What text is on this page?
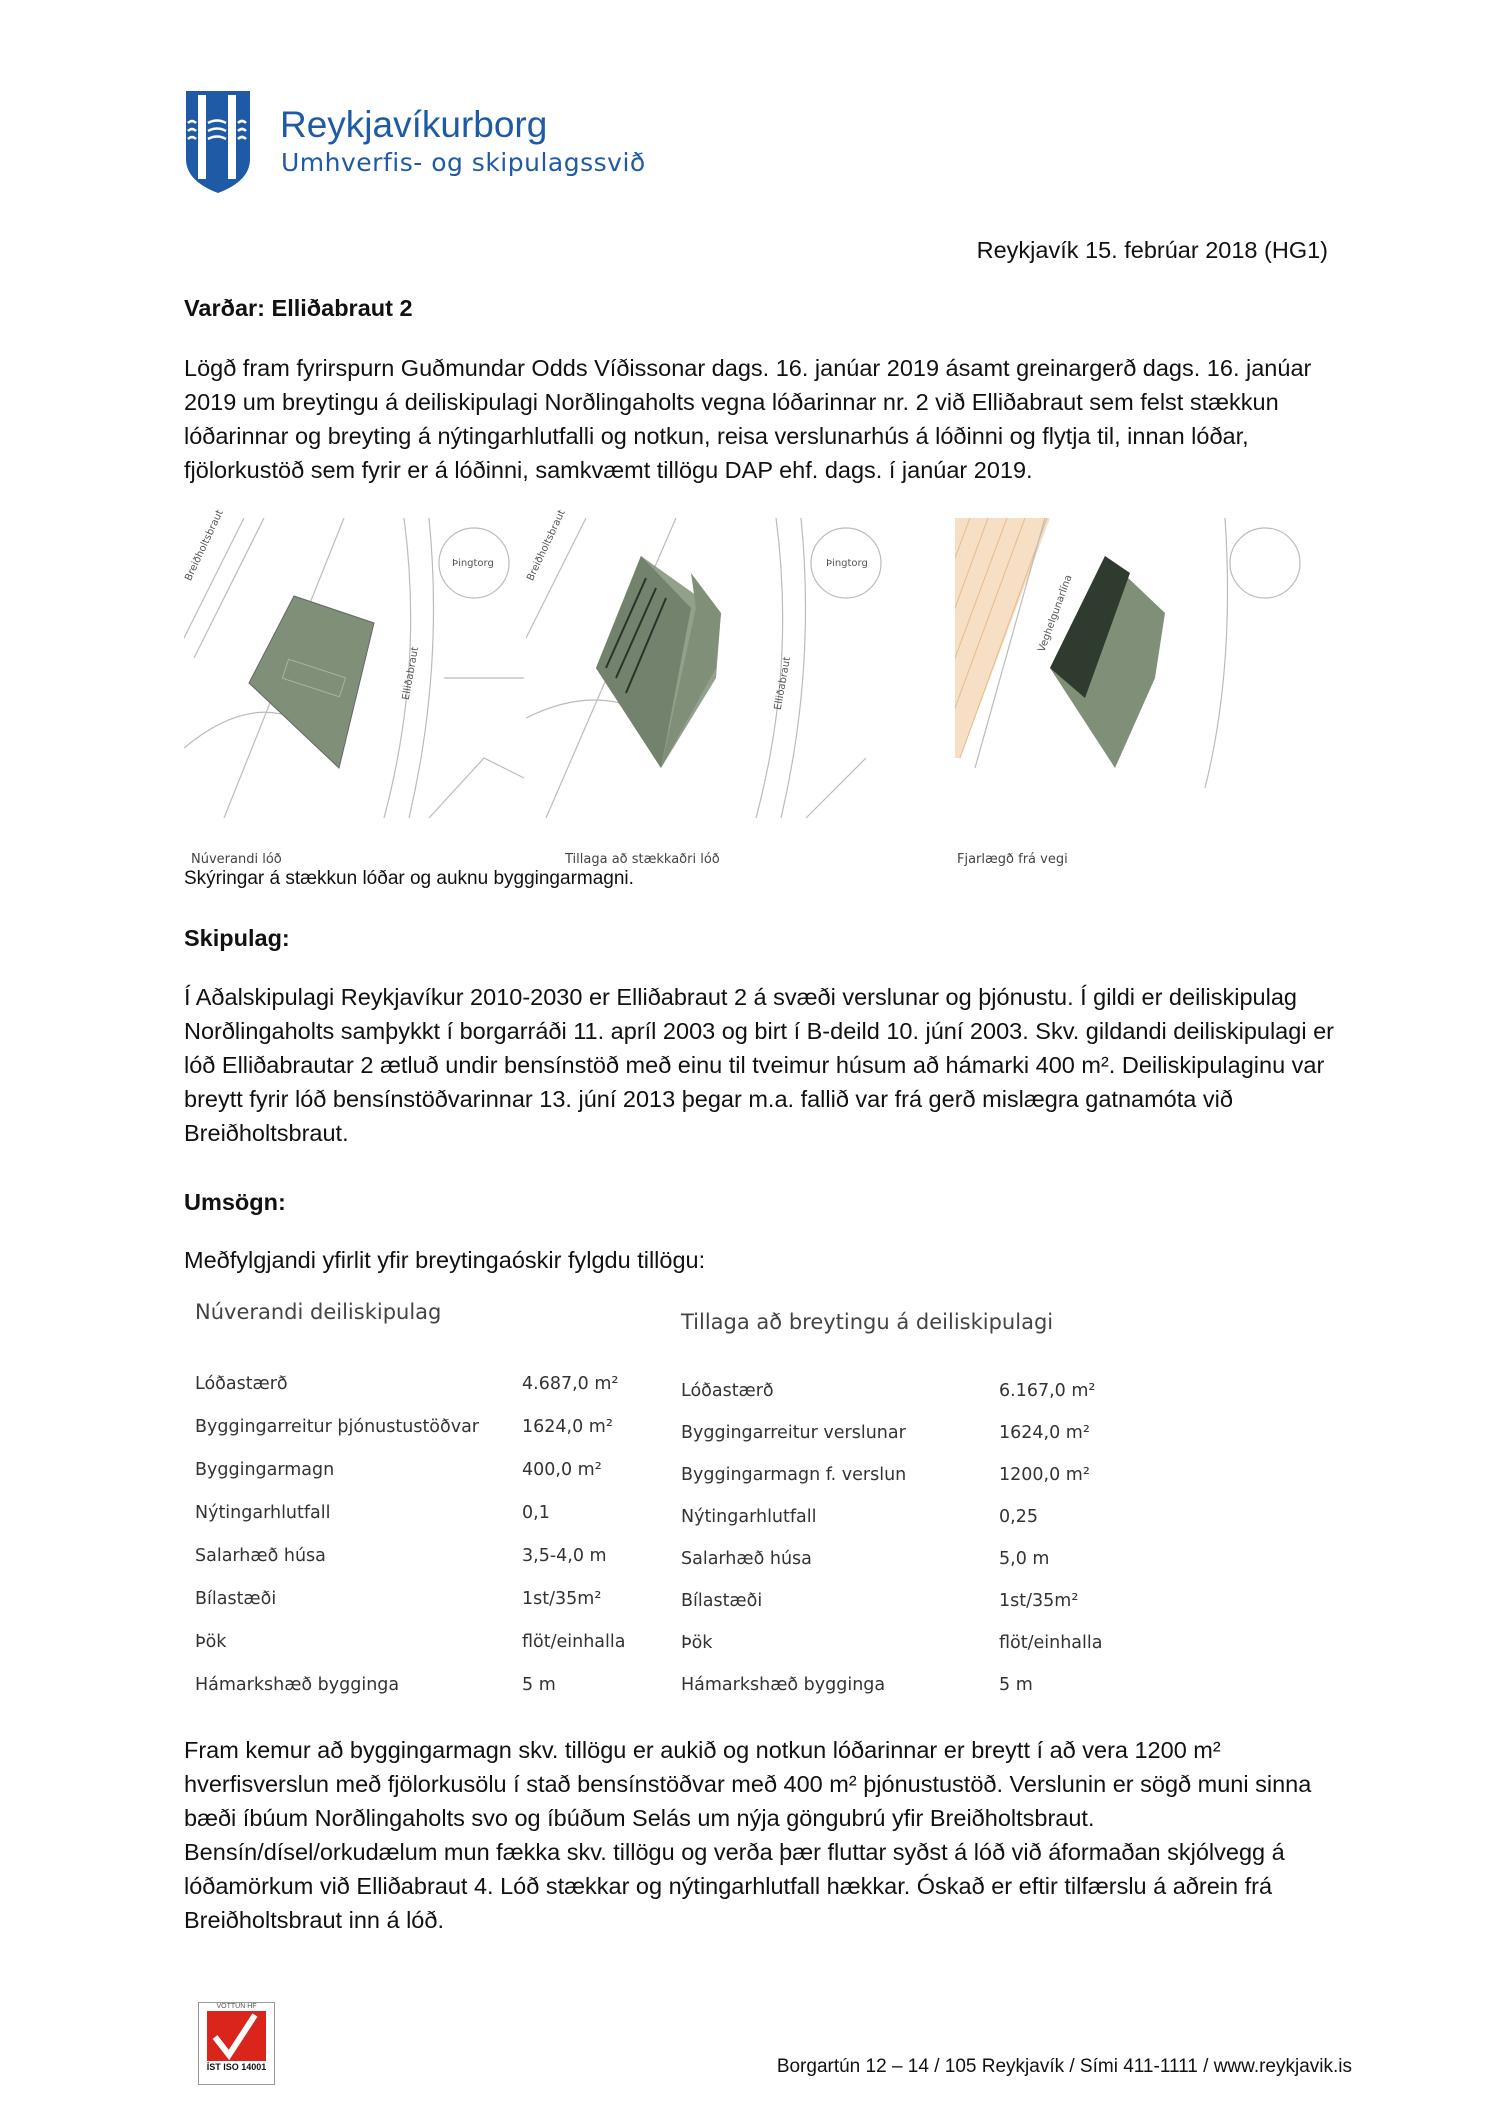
Reykjavíkurborg
Umhverfis- og skipulagssvið
Reykjavík 15. febrúar 2018 (HG1)
Varðar: Elliðabraut 2
Lögð fram fyrirspurn Guðmundar Odds Víðissonar dags. 16. janúar 2019 ásamt greinargerð dags. 16. janúar 2019 um breytingu á deiliskipulagi Norðlingaholts vegna lóðarinnar nr. 2 við Elliðabraut sem felst stækkun lóðarinnar og breyting á nýtingarhlutfalli og notkun, reisa verslunarhús á lóðinni og flytja til, innan lóðar, fjölorkustöð sem fyrir er á lóðinni, samkvæmt tillögu DAP ehf. dags. í janúar 2019.
Breiðholtsbraut	Þingtorg
Elliðabraut
Breiðholtsbraut	Þingtorg
Elliðabraut
Veghelgunarlína
Núverandi lóð	Tillaga að stækkaðri lóð	Fjarlægð frá vegi
Skýringar á stækkun lóðar og auknu byggingarmagni.
Skipulag:
Í Aðalskipulagi Reykjavíkur 2010-2030 er Elliðabraut 2 á svæði verslunar og þjónustu. Í gildi er deiliskipulag Norðlingaholts samþykkt í borgarráði 11. apríl 2003 og birt í B-deild 10. júní 2003. Skv. gildandi deiliskipulagi er lóð Elliðabrautar 2 ætluð undir bensínstöð með einu til tveimur húsum að hámarki 400 m². Deiliskipulaginu var breytt fyrir lóð bensínstöðvarinnar 13. júní 2013 þegar m.a. fallið var frá gerð mislægra gatnamóta við Breiðholtsbraut.
Umsögn:
Meðfylgjandi yfirlit yfir breytingaóskir fylgdu tillögu:
Núverandi deiliskipulag	Tillaga að breytingu á deiliskipulagi
Lóðastærð	4.687,0 m²
Byggingarreitur þjónustustöðvar 1624,0 m²
Byggingarmagn	400,0 m²
Nýtingarhlutfall	0,1
Salarhæð húsa	3,5-4,0 m
Bílastæði	1st/35m²
Þök	flöt/einhalla
Hámarkshæð bygginga	5 m
Lóðastærð	6.167,0 m²
Byggingarreitur verslunar	1624,0 m²
Byggingarmagn f. verslun	1200,0 m²
Nýtingarhlutfall	0,25
Salarhæð húsa	5,0 m
Bílastæði	1st/35m²
Þök	flöt/einhalla
Hámarkshæð bygginga	5 m
Fram kemur að byggingarmagn skv. tillögu er aukið og notkun lóðarinnar er breytt í að vera 1200 m² hverfisverslun með fjölorkusölu í stað bensínstöðvar með 400 m² þjónustustöð. Verslunin er sögð muni sinna bæði íbúum Norðlingaholts svo og íbúðum Selás um nýja göngubrú yfir Breiðholtsbraut. Bensín/dísel/orkudælum mun fækka skv. tillögu og verða þær fluttar syðst á lóð við áformaðan skjólvegg á lóðamörkum við Elliðabraut 4. Lóð stækkar og nýtingarhlutfall hækkar. Óskað er eftir tilfærslu á aðrein frá Breiðholtsbraut inn á lóð.
VOTTUN HF
ÍST ISO 14001	Borgartún 12 – 14 / 105 Reykjavík / Sími 411-1111 / www.reykjavik.is
